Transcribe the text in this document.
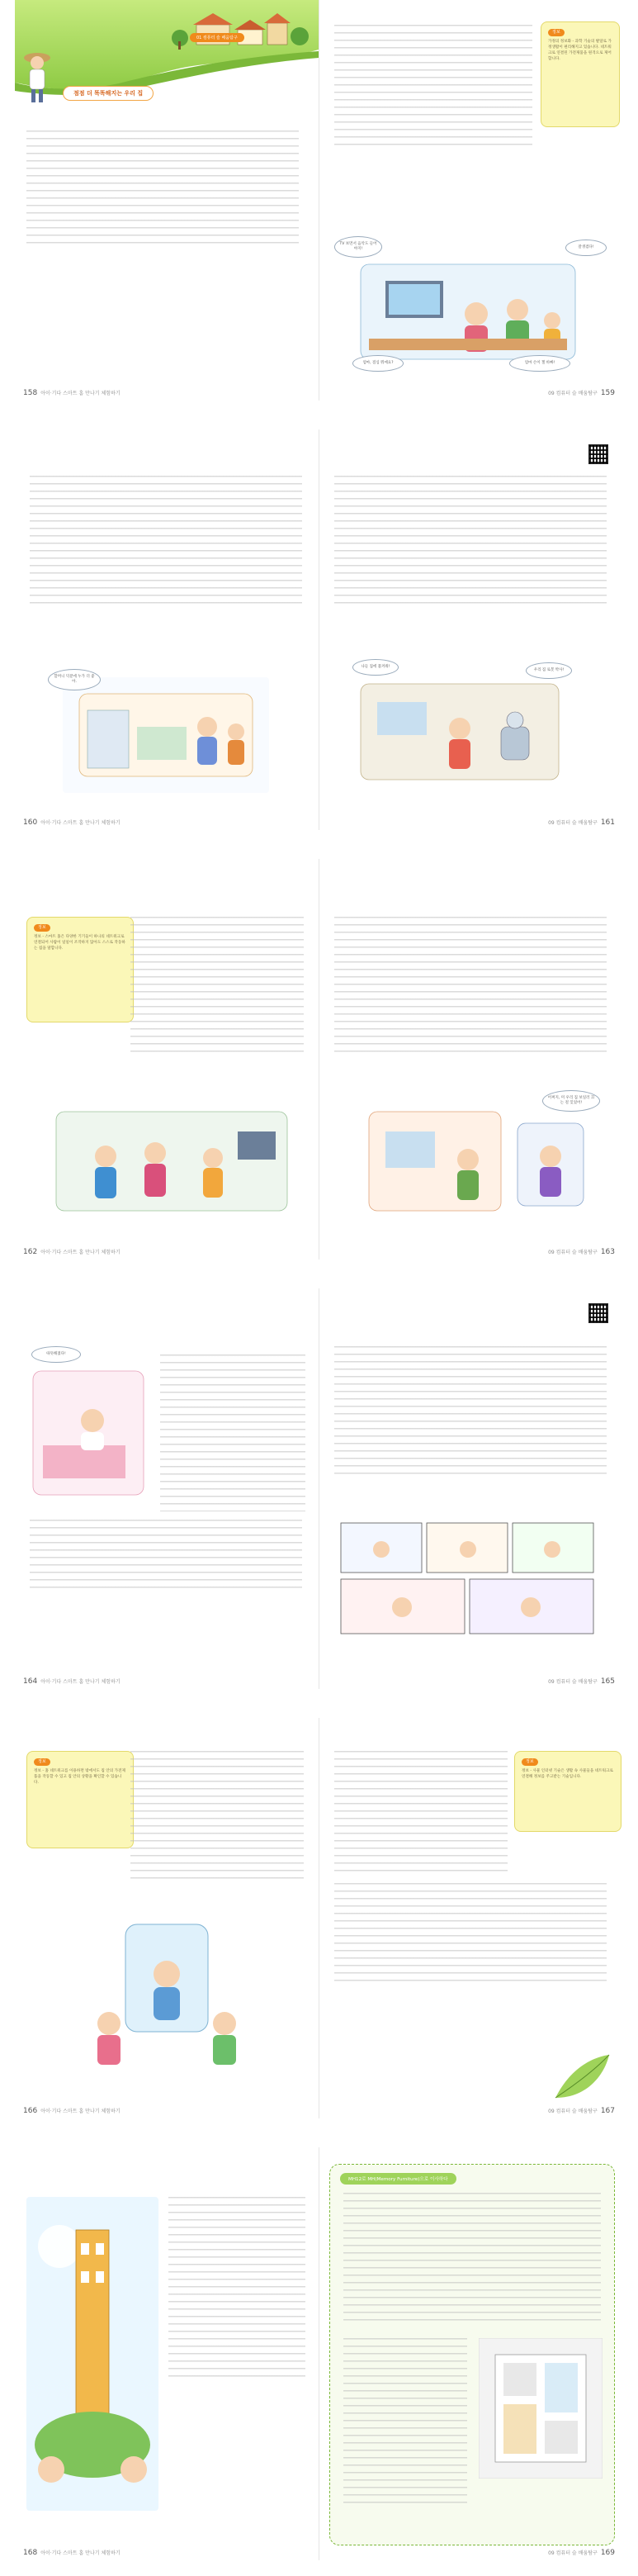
01 컴퓨터 슬 배움탐구
점점 더 똑똑해지는 우리 집

158 아이·기다 스마트 홈 만나기 체험하기
정보
가정의 정보화 - 과학 기술의 발달로 가정생활이 편리해지고 있습니다. 네트워크로 연결된 가전제품을 원격으로 제어합니다.
TV 보면서 음악도 들어야지!	잘생겼다!
엄마, 점심 뭐예요?	엄마 손이 젤 바빠!
09 컴퓨터 슬 배움탐구 159
할머니 덕분에 누가 더 좋아.
160 아이·기다 스마트 홈 만나기 체험하기
나들 집에 불켜줘!
우리 집 로봇 박사!
09 컴퓨터 슬 배움탐구 161
정보
정보 - 스마트 홈은 다양한 기기들이 하나의 네트워크로 연결되어 사람이 일일이 조작하지 않아도 스스로 작동하는 집을 말합니다.
162 아이·기다 스마트 홈 만나기 체험하기
어쩌지, 미 우리 집 보일러 끄는 걸 잊었어!
09 컴퓨터 슬 배움탐구 163
따뜻해졌다!
164 아이·기다 스마트 홈 만나기 체험하기	09 컴퓨터 슬 배움탐구 165
정보
정보 - 홈 네트워크를 이용하면 밖에서도 집 안의 가전제품을 작동할 수 있고 집 안의 상황을 확인할 수 있습니다.
166 아이·기다 스마트 홈 만나기 체험하기
정보
정보 - 사물 인터넷 기술은 생활 속 사물들을 네트워크로 연결해 정보를 주고받는 기술입니다.
09 컴퓨터 슬 배움탐구 167
168 아이·기다 스마트 홈 만나기 체험하기
MH12로 MH(Memory Furniture)으로 이사하다
09 컴퓨터 슬 배움탐구 169
